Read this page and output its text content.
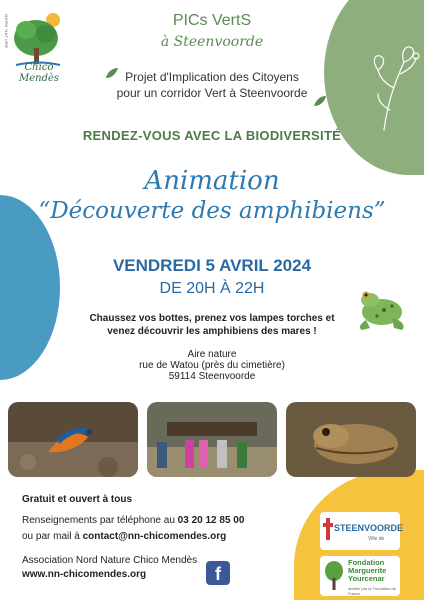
NORD NATURE
Chico Mendès
PICs VertS
à Steenvoorde
Projet d'Implication des Citoyens
pour un corridor Vert à Steenvoorde
RENDEZ-VOUS AVEC LA BIODIVERSITÉ
Animation
“Découverte des amphibiens”
VENDREDI 5 AVRIL 2024
DE 20H À 22H
Chaussez vos bottes, prenez vos lampes torches et
venez découvrir les amphibiens des mares !
Aire nature
rue de Watou (près du cimetière)
59114 Steenvoorde
Gratuit et ouvert à tous
Renseignements par téléphone au 03 20 12 85 00
ou par mail à contact@nn-chicomendes.org
Association Nord Nature Chico Mendès
www.nn-chicomendes.org	f
Ville de
STEENVOORDE
Fondation
Marguerite
Yourcenar
abritée par la Fondation de France
